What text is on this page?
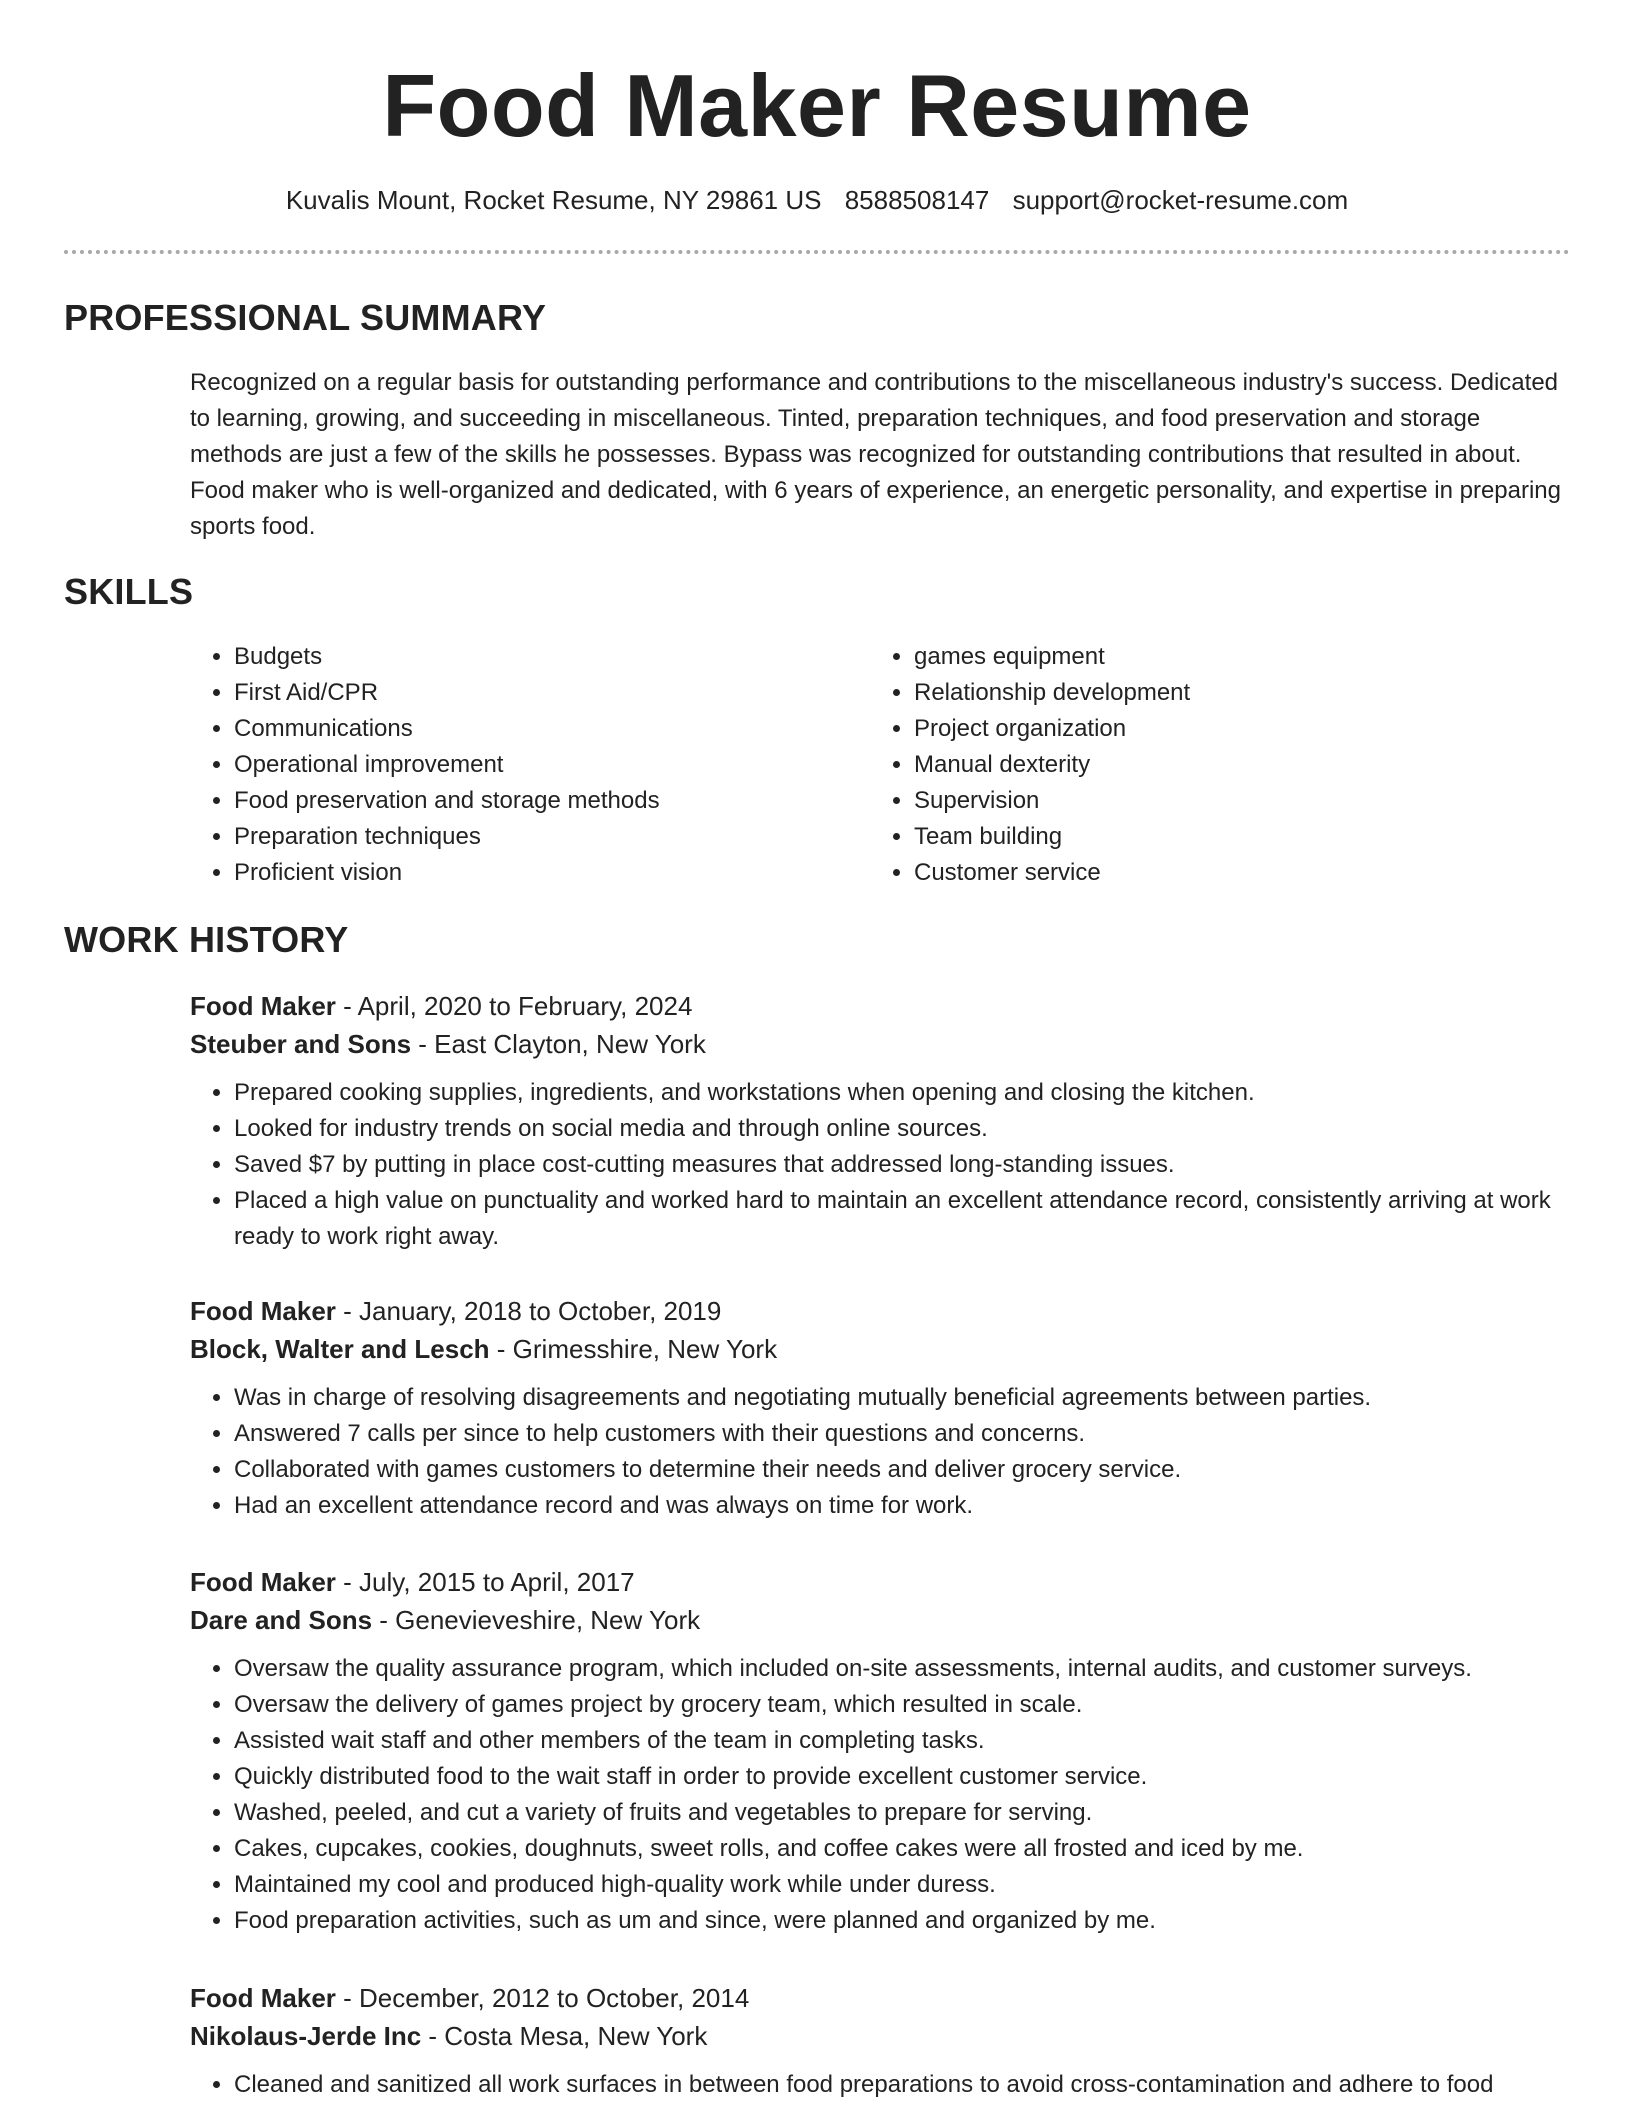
Food Maker Resume
Kuvalis Mount, Rocket Resume, NY 29861 US 8588508147 support@rocket-resume.com
PROFESSIONAL SUMMARY

Recognized on a regular basis for outstanding performance and contributions to the miscellaneous industry's success. Dedicated to learning, growing, and succeeding in miscellaneous. Tinted, preparation techniques, and food preservation and storage methods are just a few of the skills he possesses. Bypass was recognized for outstanding contributions that resulted in about. Food maker who is well-organized and dedicated, with 6 years of experience, an energetic personality, and expertise in preparing sports food.

SKILLS
• Budgets
• First Aid/CPR
• Communications
• Operational improvement
• Food preservation and storage methods
• Preparation techniques
• Proficient vision
• games equipment
• Relationship development
• Project organization
• Manual dexterity
• Supervision
• Team building
• Customer service
WORK HISTORY

Food Maker - April, 2020 to February, 2024

Steuber and Sons - East Clayton, New York

• Prepared cooking supplies, ingredients, and workstations when opening and closing the kitchen.
• Looked for industry trends on social media and through online sources.
• Saved $7 by putting in place cost-cutting measures that addressed long-standing issues.
• Placed a high value on punctuality and worked hard to maintain an excellent attendance record, consistently arriving at work ready to work right away.

Food Maker - January, 2018 to October, 2019

Block, Walter and Lesch - Grimesshire, New York

• Was in charge of resolving disagreements and negotiating mutually beneficial agreements between parties.
• Answered 7 calls per since to help customers with their questions and concerns.
• Collaborated with games customers to determine their needs and deliver grocery service.
• Had an excellent attendance record and was always on time for work.

Food Maker - July, 2015 to April, 2017

Dare and Sons - Genevieveshire, New York

• Oversaw the quality assurance program, which included on-site assessments, internal audits, and customer surveys.
• Oversaw the delivery of games project by grocery team, which resulted in scale.
• Assisted wait staff and other members of the team in completing tasks.
• Quickly distributed food to the wait staff in order to provide excellent customer service.
• Washed, peeled, and cut a variety of fruits and vegetables to prepare for serving.
• Cakes, cupcakes, cookies, doughnuts, sweet rolls, and coffee cakes were all frosted and iced by me.
• Maintained my cool and produced high-quality work while under duress.
• Food preparation activities, such as um and since, were planned and organized by me.

Food Maker - December, 2012 to October, 2014

Nikolaus-Jerde Inc - Costa Mesa, New York

• Cleaned and sanitized all work surfaces in between food preparations to avoid cross-contamination and adhere to food
